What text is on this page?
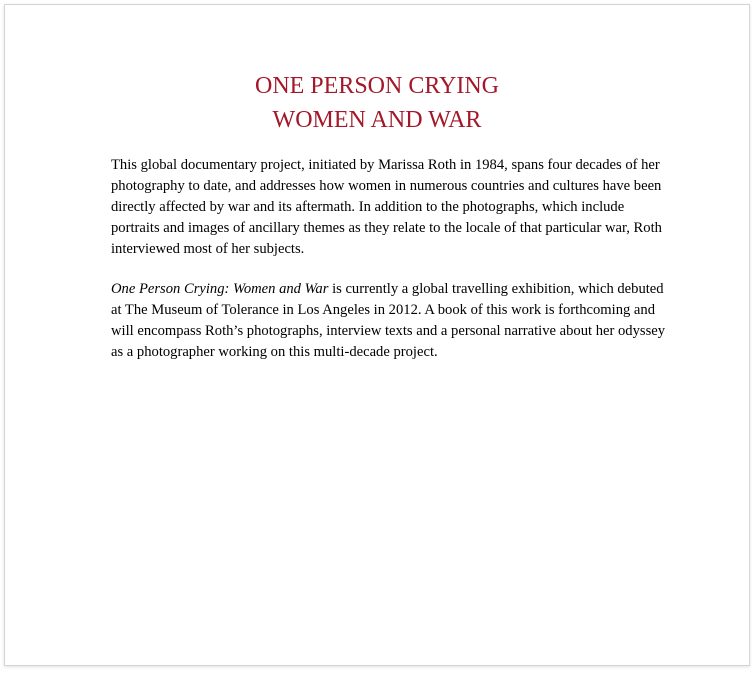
ONE PERSON CRYING
WOMEN AND WAR

This global documentary project, initiated by Marissa Roth in 1984, spans four decades of her photography to date, and addresses how women in numerous countries and cultures have been directly affected by war and its aftermath. In addition to the photographs, which include portraits and images of ancillary themes as they relate to the locale of that particular war, Roth interviewed most of her subjects.

One Person Crying: Women and War is currently a global travelling exhibition, which debuted at The Museum of Tolerance in Los Angeles in 2012. A book of this work is forthcoming and will encompass Roth’s photographs, interview texts and a personal narrative about her odyssey as a photographer working on this multi-decade project.
